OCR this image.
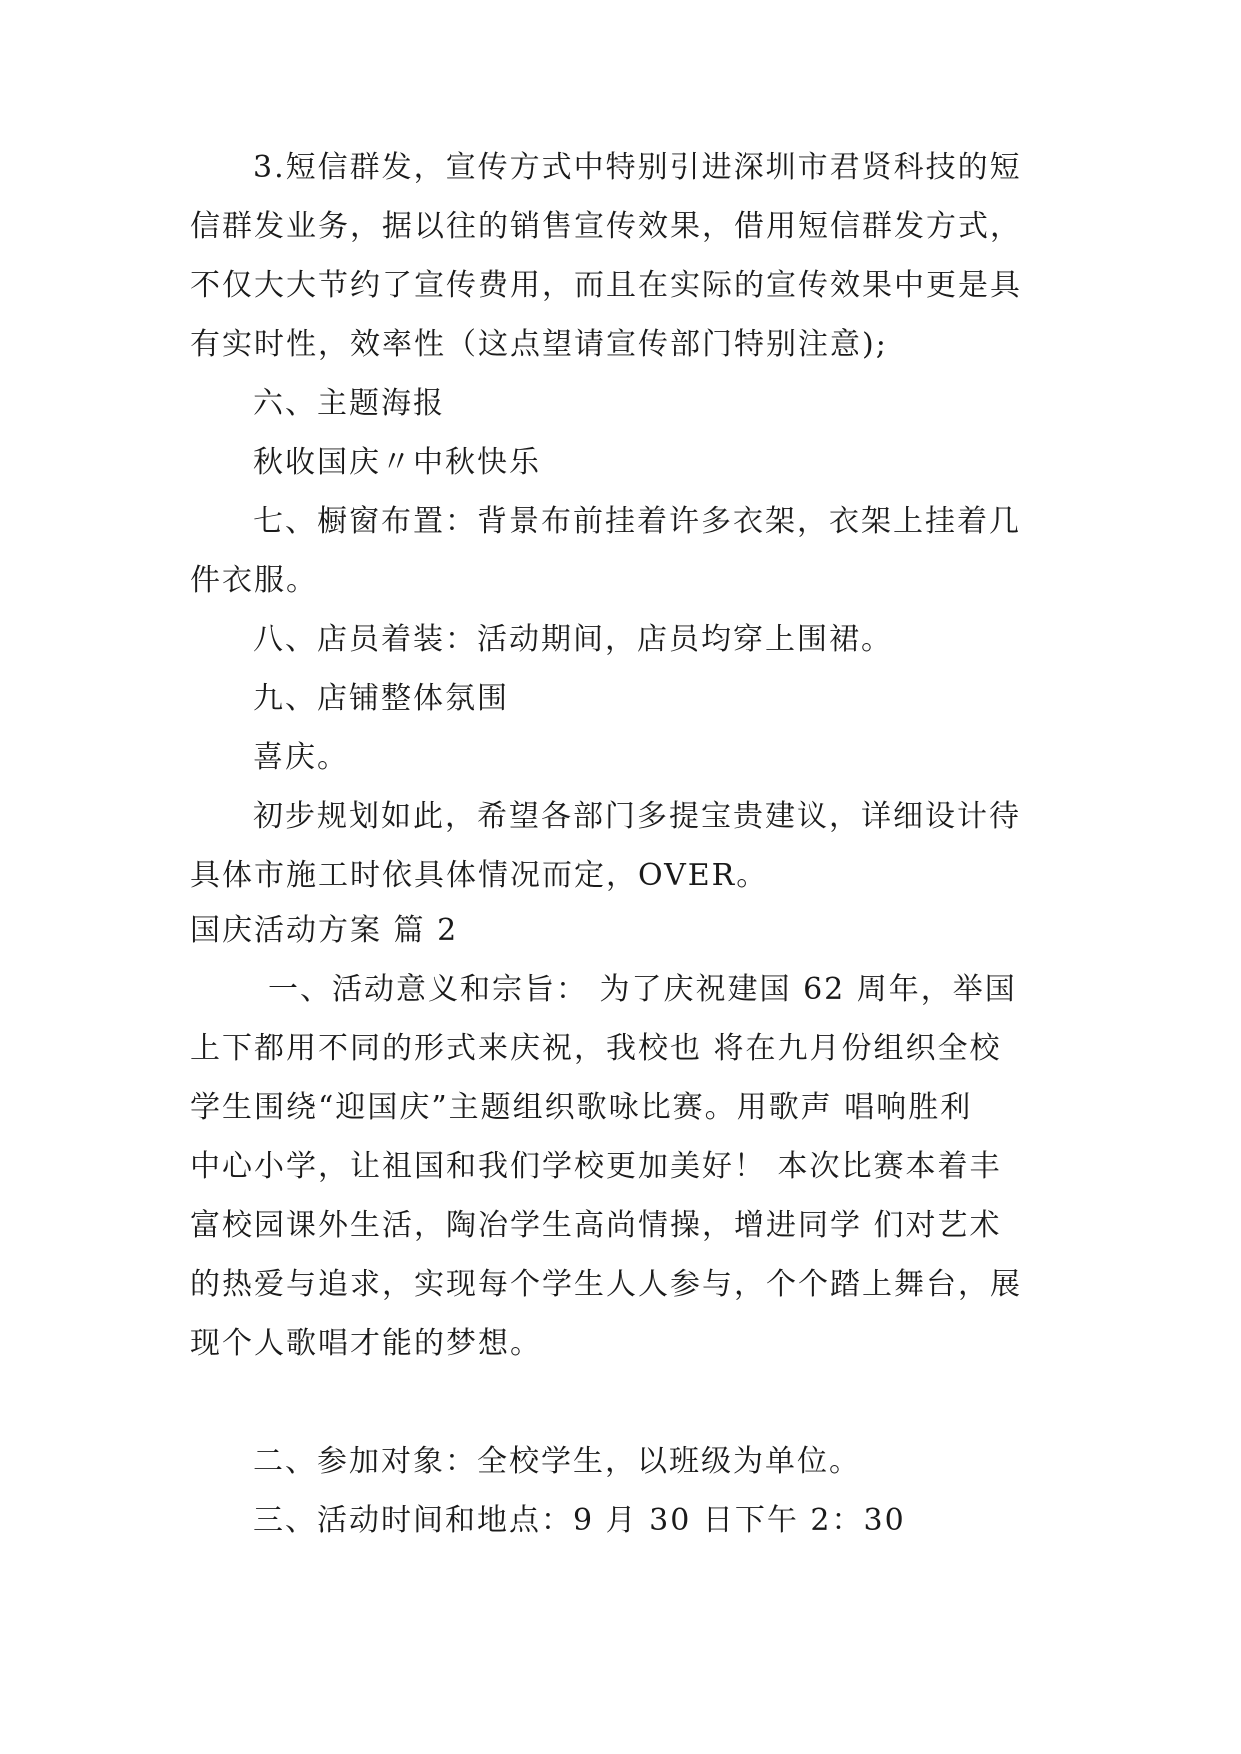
3.短信群发，宣传方式中特别引进深圳市君贤科技的短
信群发业务，据以往的销售宣传效果，借用短信群发方式，
不仅大大节约了宣传费用，而且在实际的宣传效果中更是具
有实时性，效率性（这点望请宣传部门特别注意);
六、主题海报
秋收国庆〃中秋快乐
七、橱窗布置：背景布前挂着许多衣架，衣架上挂着几
件衣服。
八、店员着装：活动期间，店员均穿上围裙。
九、店铺整体氛围
喜庆。
初步规划如此，希望各部门多提宝贵建议，详细设计待
具体市施工时依具体情况而定，OVER。
国庆活动方案 篇 2
一、活动意义和宗旨： 为了庆祝建国 62 周年，举国
上下都用不同的形式来庆祝，我校也 将在九月份组织全校
学生围绕“迎国庆”主题组织歌咏比赛。用歌声 唱响胜利
中心小学，让祖国和我们学校更加美好！ 本次比赛本着丰
富校园课外生活，陶冶学生高尚情操，增进同学 们对艺术
的热爱与追求，实现每个学生人人参与，个个踏上舞台，展
现个人歌唱才能的梦想。
二、参加对象：全校学生，以班级为单位。
三、活动时间和地点：9 月 30 日下午 2：30
